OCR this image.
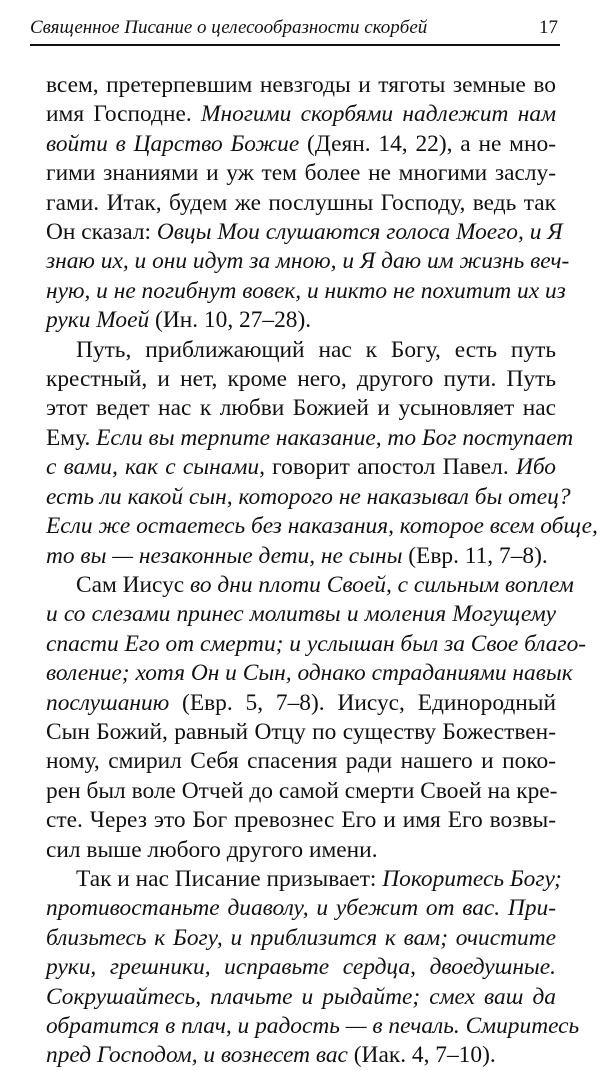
Священное Писание о целесообразности скорбей	17
всем, претерпевшим невзгоды и тяготы земные во
имя Господне. Многими скорбями надлежит нам
войти в Царство Божие (Деян. 14, 22), а не мно-
гими знаниями и уж тем более не многими заслу-
гами. Итак, будем же послушны Господу, ведь так
Он сказал: Овцы Мои слушаются голоса Моего, и Я
знаю их, и они идут за мною, и Я даю им жизнь веч-
ную, и не погибнут вовек, и никто не похитит их из
руки Моей (Ин. 10, 27–28).
Путь, приближающий нас к Богу, есть путь
крестный, и нет, кроме него, другого пути. Путь
этот ведет нас к любви Божией и усыновляет нас
Ему. Если вы терпите наказание, то Бог поступает
с вами, как с сынами, говорит апостол Павел. Ибо
есть ли какой сын, которого не наказывал бы отец?
Если же остаетесь без наказания, которое всем обще,
то вы — незаконные дети, не сыны (Евр. 11, 7–8).
Сам Иисус во дни плоти Своей, с сильным воплем
и со слезами принес молитвы и моления Могущему
спасти Его от смерти; и услышан был за Свое благо-
воление; хотя Он и Сын, однако страданиями навык
послушанию (Евр. 5, 7–8). Иисус, Единородный
Сын Божий, равный Отцу по существу Божествен-
ному, смирил Себя спасения ради нашего и поко-
рен был воле Отчей до самой смерти Своей на кре-
сте. Через это Бог превознес Его и имя Его возвы-
сил выше любого другого имени.
Так и нас Писание призывает: Покоритесь Богу;
противостаньте диаволу, и убежит от вас. При-
близьтесь к Богу, и приблизится к вам; очистите
руки, грешники, исправьте сердца, двоедушные.
Сокрушайтесь, плачьте и рыдайте; смех ваш да
обратится в плач, и радость — в печаль. Смиритесь
пред Господом, и вознесет вас (Иак. 4, 7–10).
